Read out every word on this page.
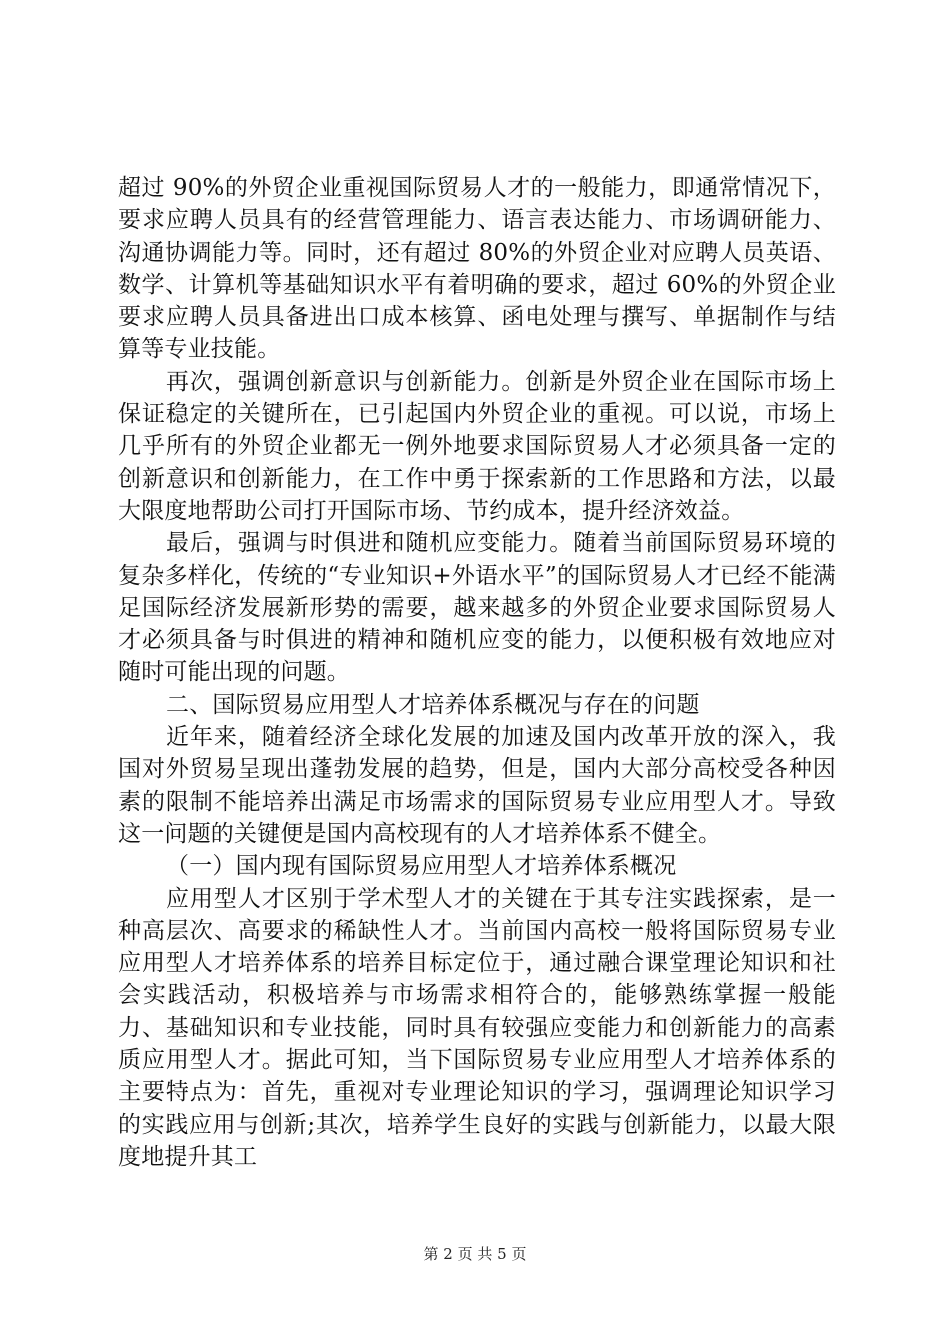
超过 90%的外贸企业重视国际贸易人才的一般能力，即通常情况下，要求应聘人员具有的经营管理能力、语言表达能力、市场调研能力、沟通协调能力等。同时，还有超过 80%的外贸企业对应聘人员英语、数学、计算机等基础知识水平有着明确的要求，超过 60%的外贸企业要求应聘人员具备进出口成本核算、函电处理与撰写、单据制作与结算等专业技能。

再次，强调创新意识与创新能力。创新是外贸企业在国际市场上保证稳定的关键所在，已引起国内外贸企业的重视。可以说，市场上几乎所有的外贸企业都无一例外地要求国际贸易人才必须具备一定的创新意识和创新能力，在工作中勇于探索新的工作思路和方法，以最大限度地帮助公司打开国际市场、节约成本，提升经济效益。

最后，强调与时俱进和随机应变能力。随着当前国际贸易环境的复杂多样化，传统的“专业知识+外语水平”的国际贸易人才已经不能满足国际经济发展新形势的需要，越来越多的外贸企业要求国际贸易人才必须具备与时俱进的精神和随机应变的能力，以便积极有效地应对随时可能出现的问题。

二、国际贸易应用型人才培养体系概况与存在的问题

近年来，随着经济全球化发展的加速及国内改革开放的深入，我国对外贸易呈现出蓬勃发展的趋势，但是，国内大部分高校受各种因素的限制不能培养出满足市场需求的国际贸易专业应用型人才。导致这一问题的关键便是国内高校现有的人才培养体系不健全。

（一）国内现有国际贸易应用型人才培养体系概况

应用型人才区别于学术型人才的关键在于其专注实践探索，是一种高层次、高要求的稀缺性人才。当前国内高校一般将国际贸易专业应用型人才培养体系的培养目标定位于，通过融合课堂理论知识和社会实践活动，积极培养与市场需求相符合的，能够熟练掌握一般能力、基础知识和专业技能，同时具有较强应变能力和创新能力的高素质应用型人才。据此可知，当下国际贸易专业应用型人才培养体系的主要特点为：首先，重视对专业理论知识的学习，强调理论知识学习的实践应用与创新;其次，培养学生良好的实践与创新能力，以最大限度地提升其工

第 2 页 共 5 页
